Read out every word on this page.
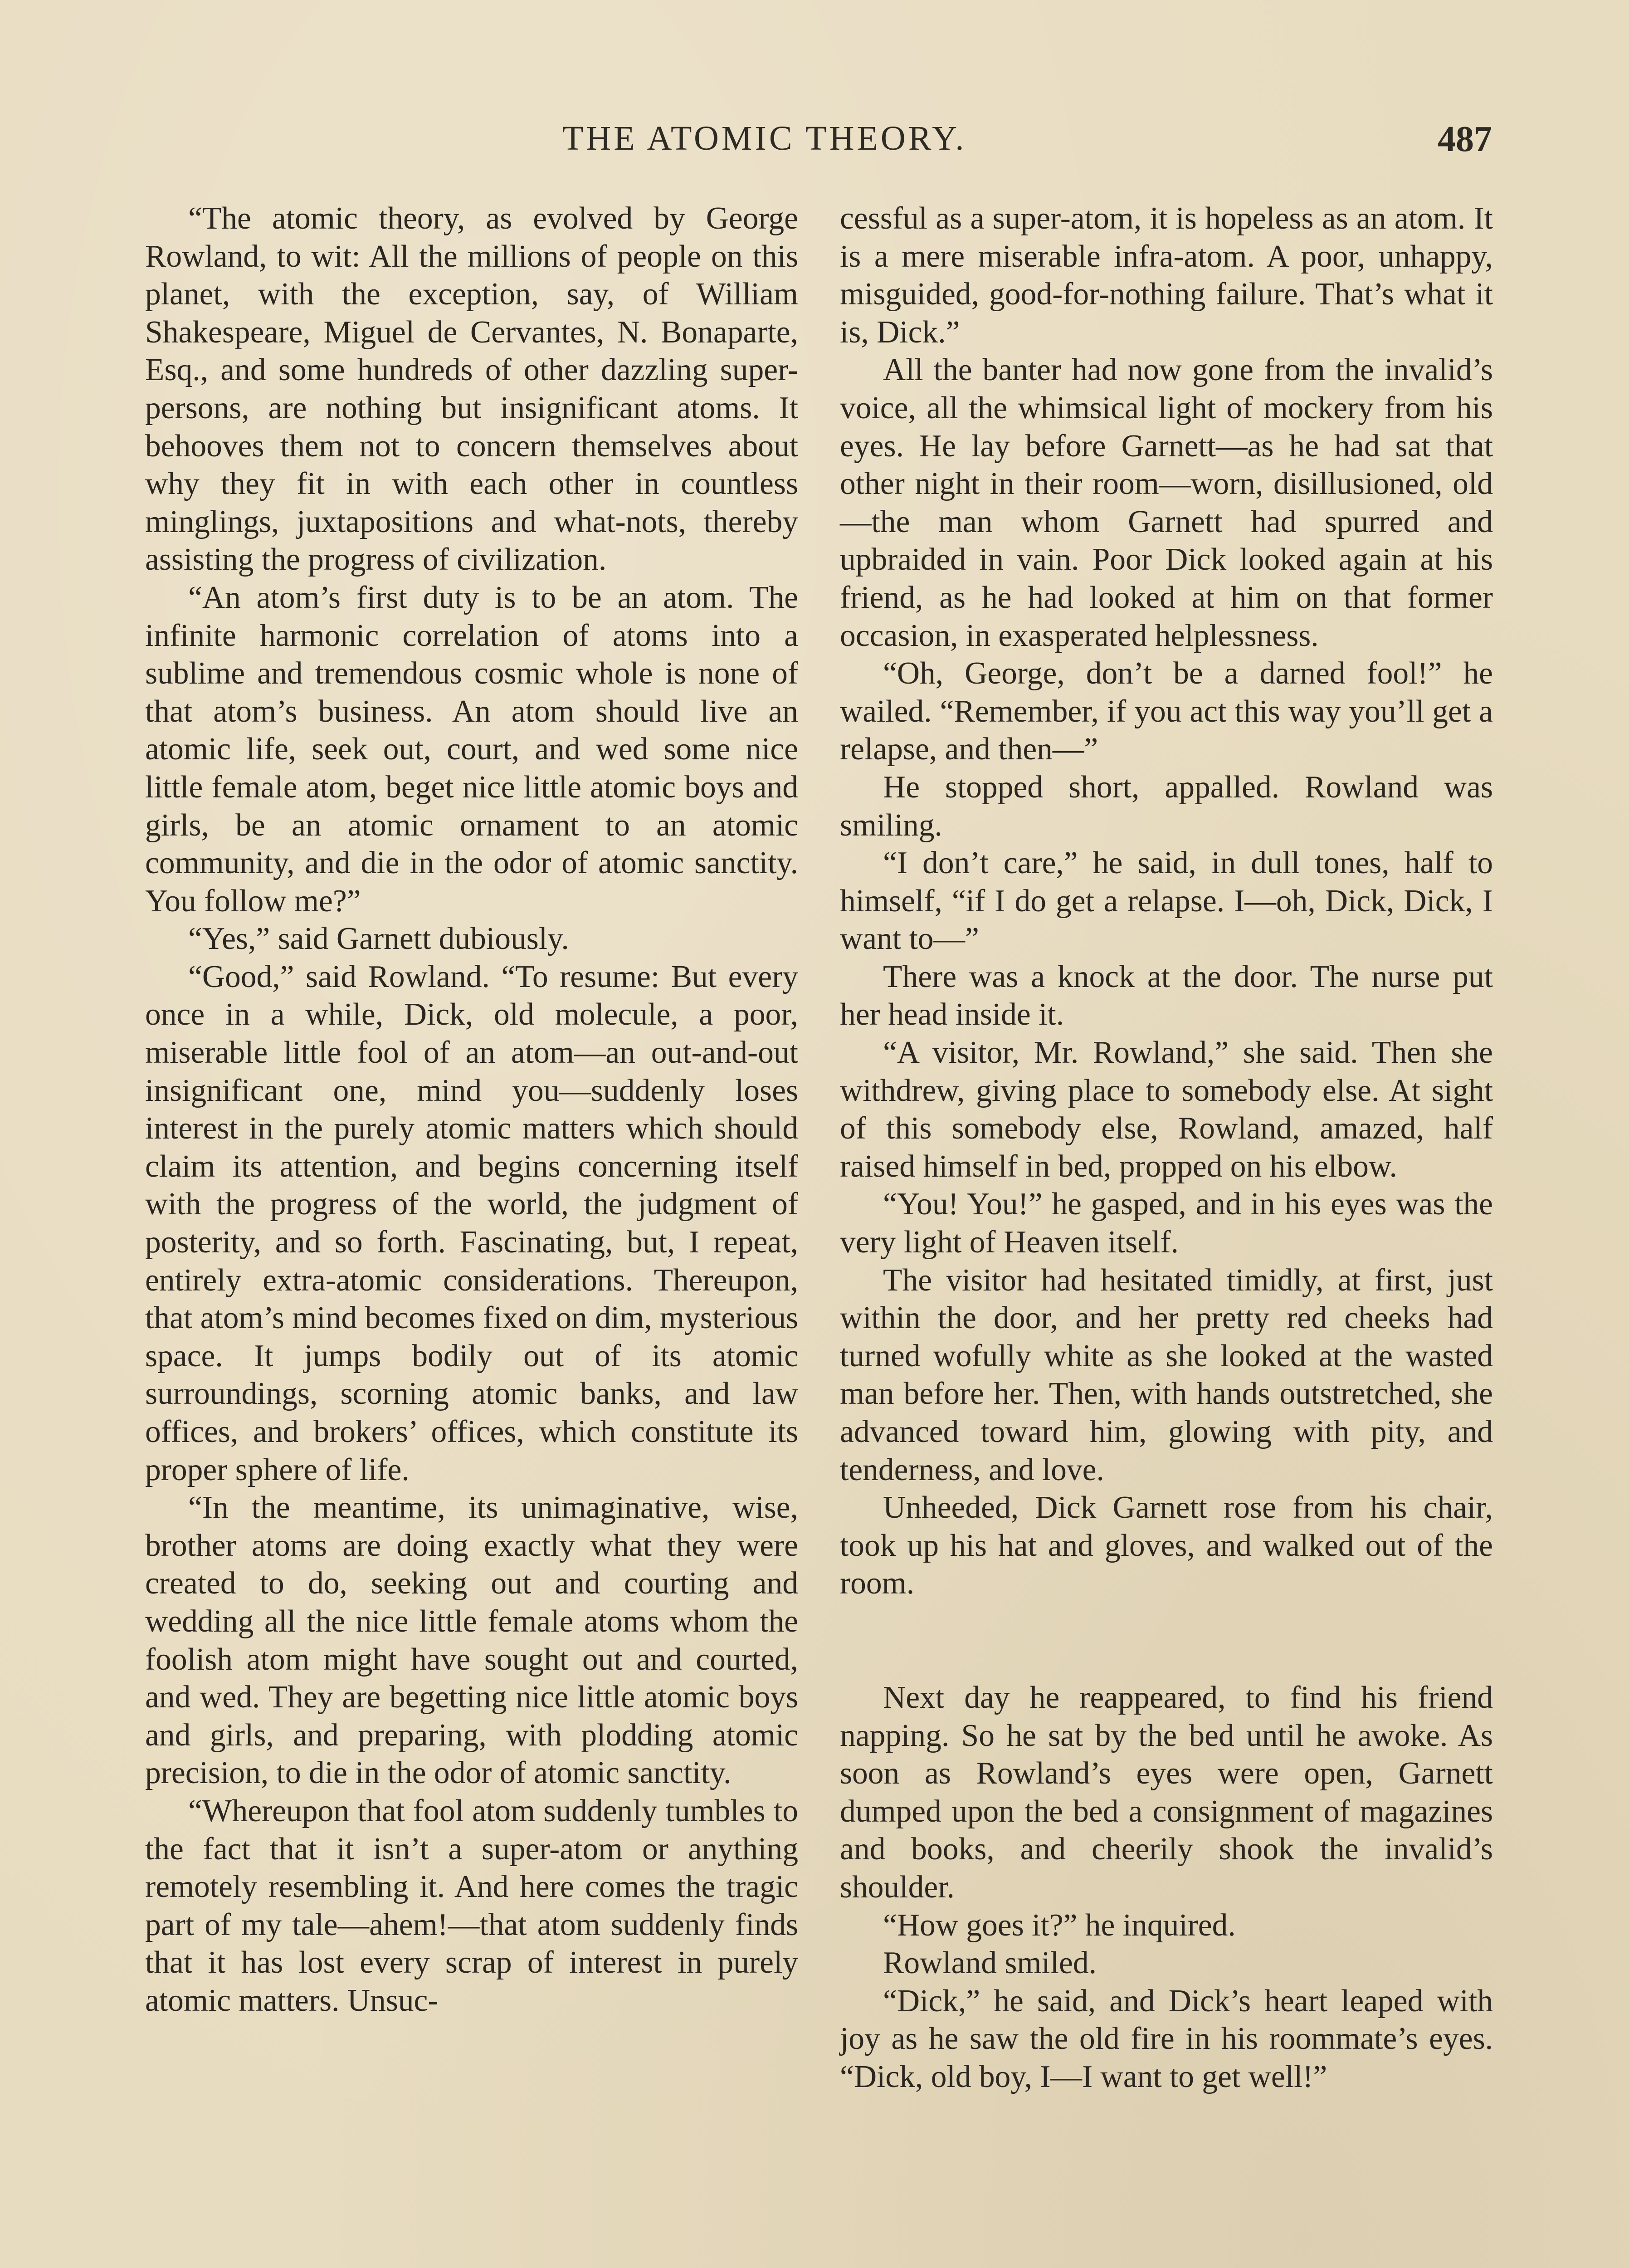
THE ATOMIC THEORY.	487

“The atomic theory, as evolved by George Rowland, to wit: All the millions of people on this planet, with the exception, say, of William Shakespeare, Miguel de Cervantes, N. Bonaparte, Esq., and some hundreds of other dazzling super-persons, are nothing but insignificant atoms. It behooves them not to concern themselves about why they fit in with each other in countless minglings, juxtapositions and what-nots, thereby assisting the progress of civilization.

“An atom’s first duty is to be an atom. The infinite harmonic correlation of atoms into a sublime and tremendous cosmic whole is none of that atom’s business. An atom should live an atomic life, seek out, court, and wed some nice little female atom, beget nice little atomic boys and girls, be an atomic ornament to an atomic community, and die in the odor of atomic sanctity. You follow me?”

“Yes,” said Garnett dubiously.

“Good,” said Rowland. “To resume: But every once in a while, Dick, old molecule, a poor, miserable little fool of an atom—an out-and-out insignificant one, mind you—suddenly loses interest in the purely atomic matters which should claim its attention, and begins concerning itself with the progress of the world, the judgment of posterity, and so forth. Fascinating, but, I repeat, entirely extra-atomic considerations. Thereupon, that atom’s mind becomes fixed on dim, mysterious space. It jumps bodily out of its atomic surroundings, scorning atomic banks, and law offices, and brokers’ offices, which constitute its proper sphere of life.

“In the meantime, its unimaginative, wise, brother atoms are doing exactly what they were created to do, seeking out and courting and wedding all the nice little female atoms whom the foolish atom might have sought out and courted, and wed. They are begetting nice little atomic boys and girls, and preparing, with plodding atomic precision, to die in the odor of atomic sanctity.

“Whereupon that fool atom suddenly tumbles to the fact that it isn’t a super-atom or anything remotely resembling it. And here comes the tragic part of my tale—ahem!—that atom suddenly finds that it has lost every scrap of interest in purely atomic matters. Unsuc-

cessful as a super-atom, it is hopeless as an atom. It is a mere miserable infra-atom. A poor, unhappy, misguided, good-for-nothing failure. That’s what it is, Dick.”

All the banter had now gone from the invalid’s voice, all the whimsical light of mockery from his eyes. He lay before Garnett—as he had sat that other night in their room—worn, disillusioned, old—the man whom Garnett had spurred and upbraided in vain. Poor Dick looked again at his friend, as he had looked at him on that former occasion, in exasperated helplessness.

“Oh, George, don’t be a darned fool!” he wailed. “Remember, if you act this way you’ll get a relapse, and then—”

He stopped short, appalled. Rowland was smiling.

“I don’t care,” he said, in dull tones, half to himself, “if I do get a relapse. I—oh, Dick, Dick, I want to—”

There was a knock at the door. The nurse put her head inside it.

“A visitor, Mr. Rowland,” she said. Then she withdrew, giving place to somebody else. At sight of this somebody else, Rowland, amazed, half raised himself in bed, propped on his elbow.

“You! You!” he gasped, and in his eyes was the very light of Heaven itself.

The visitor had hesitated timidly, at first, just within the door, and her pretty red cheeks had turned wofully white as she looked at the wasted man before her. Then, with hands outstretched, she advanced toward him, glowing with pity, and tenderness, and love.

Unheeded, Dick Garnett rose from his chair, took up his hat and gloves, and walked out of the room.

Next day he reappeared, to find his friend napping. So he sat by the bed until he awoke. As soon as Rowland’s eyes were open, Garnett dumped upon the bed a consignment of magazines and books, and cheerily shook the invalid’s shoulder.

“How goes it?” he inquired.

Rowland smiled.

“Dick,” he said, and Dick’s heart leaped with joy as he saw the old fire in his roommate’s eyes. “Dick, old boy, I—I want to get well!”
